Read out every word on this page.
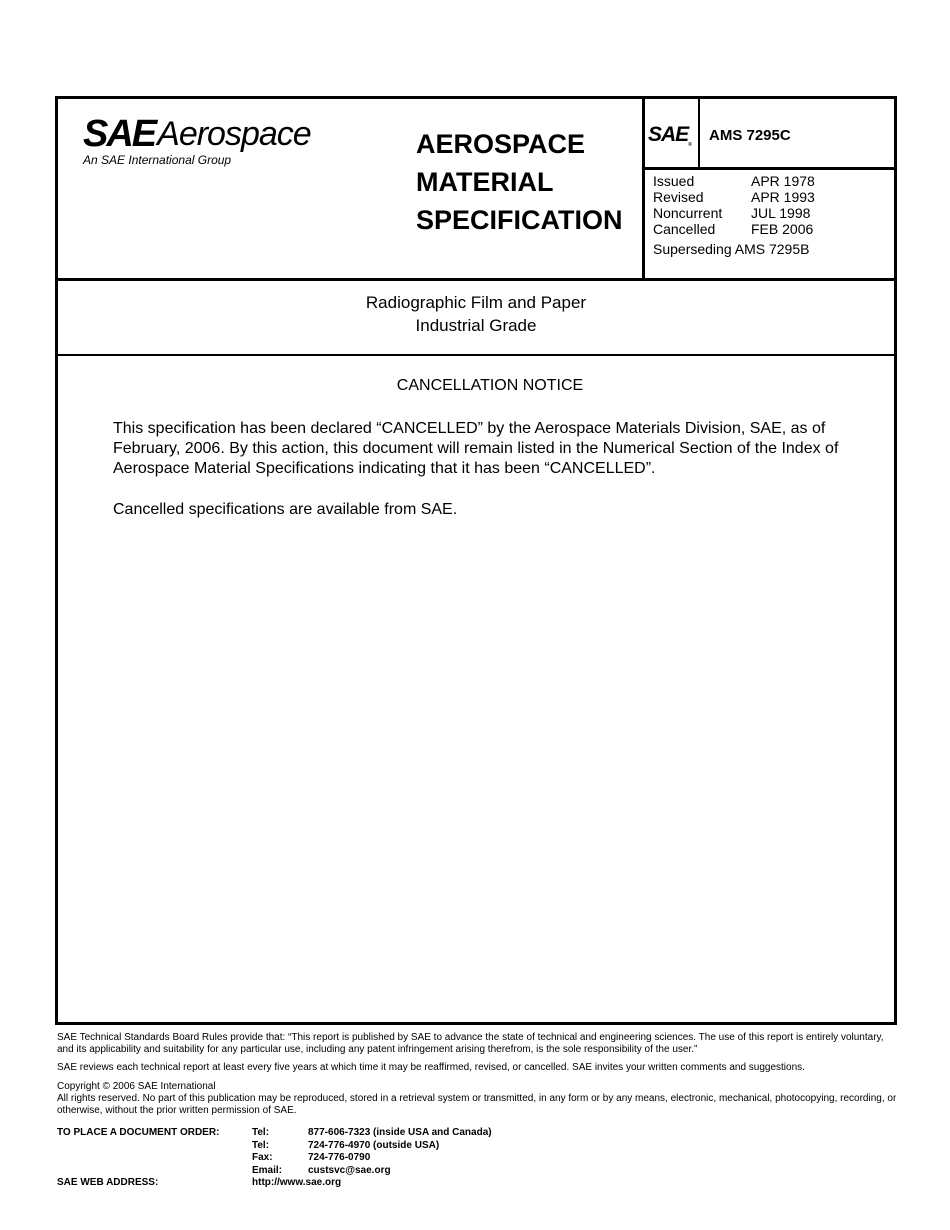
SAE Aerospace
An SAE International Group
AEROSPACE
MATERIAL
SPECIFICATION
$SAE_®$
AMS 7295C
Issued	APR 1978
Revised	APR 1993
Noncurrent	JUL 1998
Cancelled	FEB 2006
Superseding AMS 7295B
Radiographic Film and Paper
Industrial Grade
CANCELLATION NOTICE

This specification has been declared “CANCELLED” by the Aerospace Materials Division, SAE, as of February, 2006. By this action, this document will remain listed in the Numerical Section of the Index of Aerospace Material Specifications indicating that it has been “CANCELLED”.

Cancelled specifications are available from SAE.

SAE Technical Standards Board Rules provide that: “This report is published by SAE to advance the state of technical and engineering sciences. The use of this report is entirely voluntary, and its applicability and suitability for any particular use, including any patent infringement arising therefrom, is the sole responsibility of the user.”

SAE reviews each technical report at least every five years at which time it may be reaffirmed, revised, or cancelled. SAE invites your written comments and suggestions.

Copyright © 2006 SAE International

All rights reserved. No part of this publication may be reproduced, stored in a retrieval system or transmitted, in any form or by any means, electronic, mechanical, photocopying, recording, or otherwise, without the prior written permission of SAE.

TO PLACE A DOCUMENT ORDER:	Tel:	877-606-7323 (inside USA and Canada)
Tel:	724-776-4970 (outside USA)
Fax:	724-776-0790
Email:	custsvc@sae.org
SAE WEB ADDRESS:	http://www.sae.org
